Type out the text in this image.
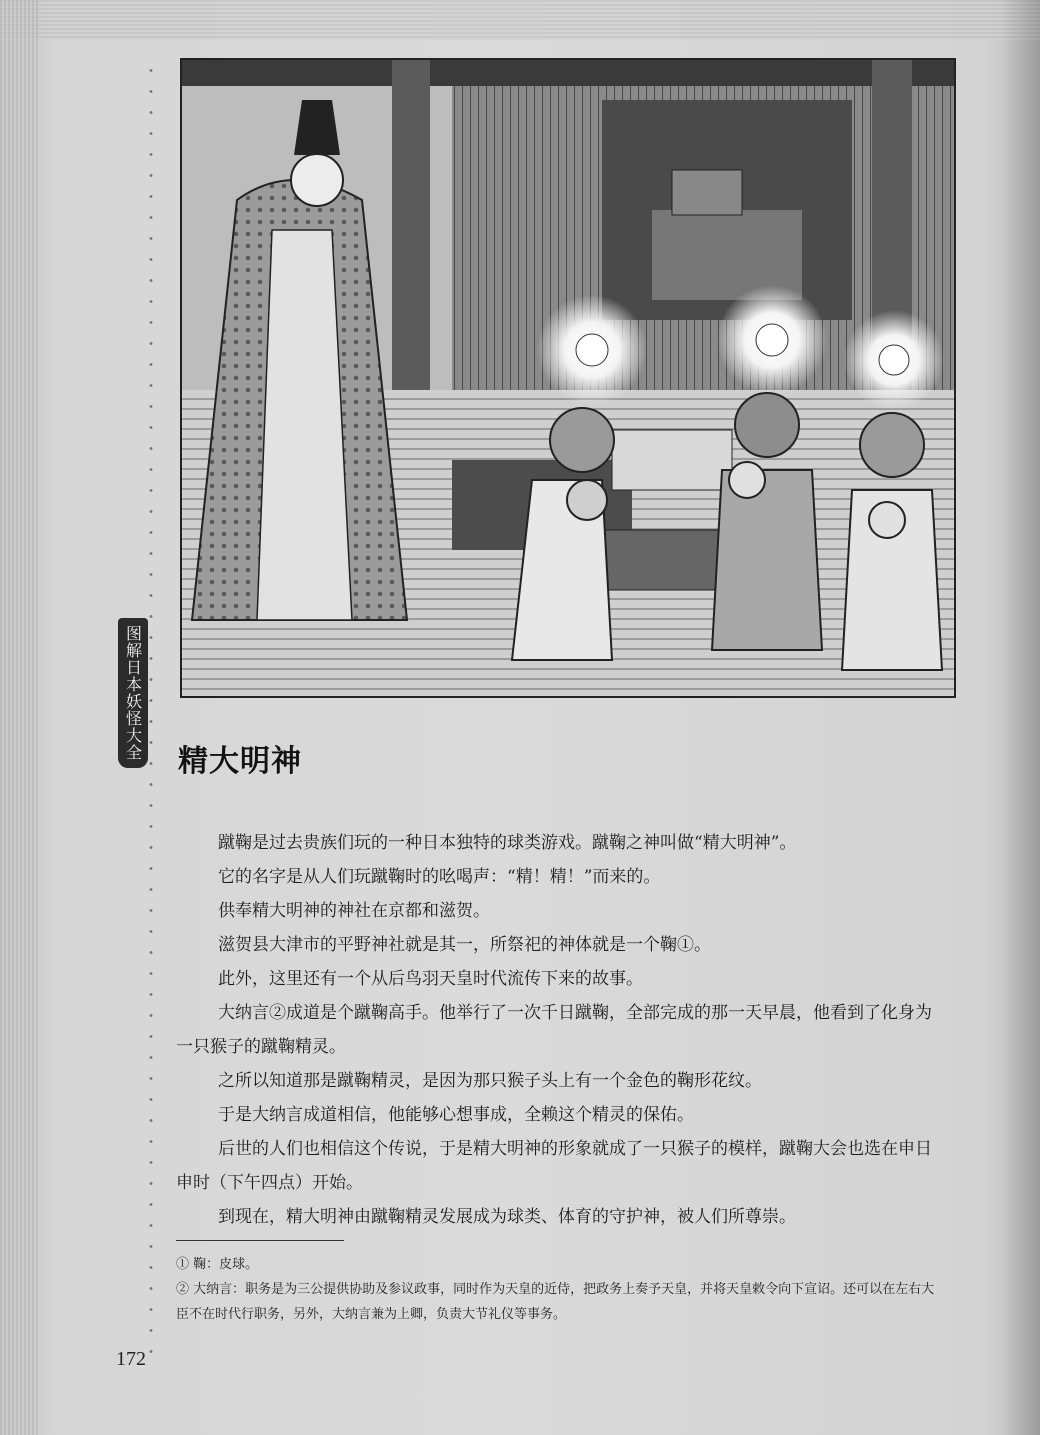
图解日本妖怪大全
精大明神

蹴鞠是过去贵族们玩的一种日本独特的球类游戏。蹴鞠之神叫做“精大明神”。

它的名字是从人们玩蹴鞠时的吆喝声：“精！精！”而来的。

供奉精大明神的神社在京都和滋贺。

滋贺县大津市的平野神社就是其一，所祭祀的神体就是一个鞠①。

此外，这里还有一个从后鸟羽天皇时代流传下来的故事。

大纳言②成道是个蹴鞠高手。他举行了一次千日蹴鞠，全部完成的那一天早晨，他看到了化身为一只猴子的蹴鞠精灵。

之所以知道那是蹴鞠精灵，是因为那只猴子头上有一个金色的鞠形花纹。

于是大纳言成道相信，他能够心想事成，全赖这个精灵的保佑。

后世的人们也相信这个传说，于是精大明神的形象就成了一只猴子的模样，蹴鞠大会也选在申日申时（下午四点）开始。

到现在，精大明神由蹴鞠精灵发展成为球类、体育的守护神，被人们所尊崇。

① 鞠：皮球。

② 大纳言：职务是为三公提供协助及参议政事，同时作为天皇的近侍，把政务上奏予天皇，并将天皇敕令向下宣诏。还可以在左右大臣不在时代行职务，另外，大纳言兼为上卿，负责大节礼仪等事务。

172
